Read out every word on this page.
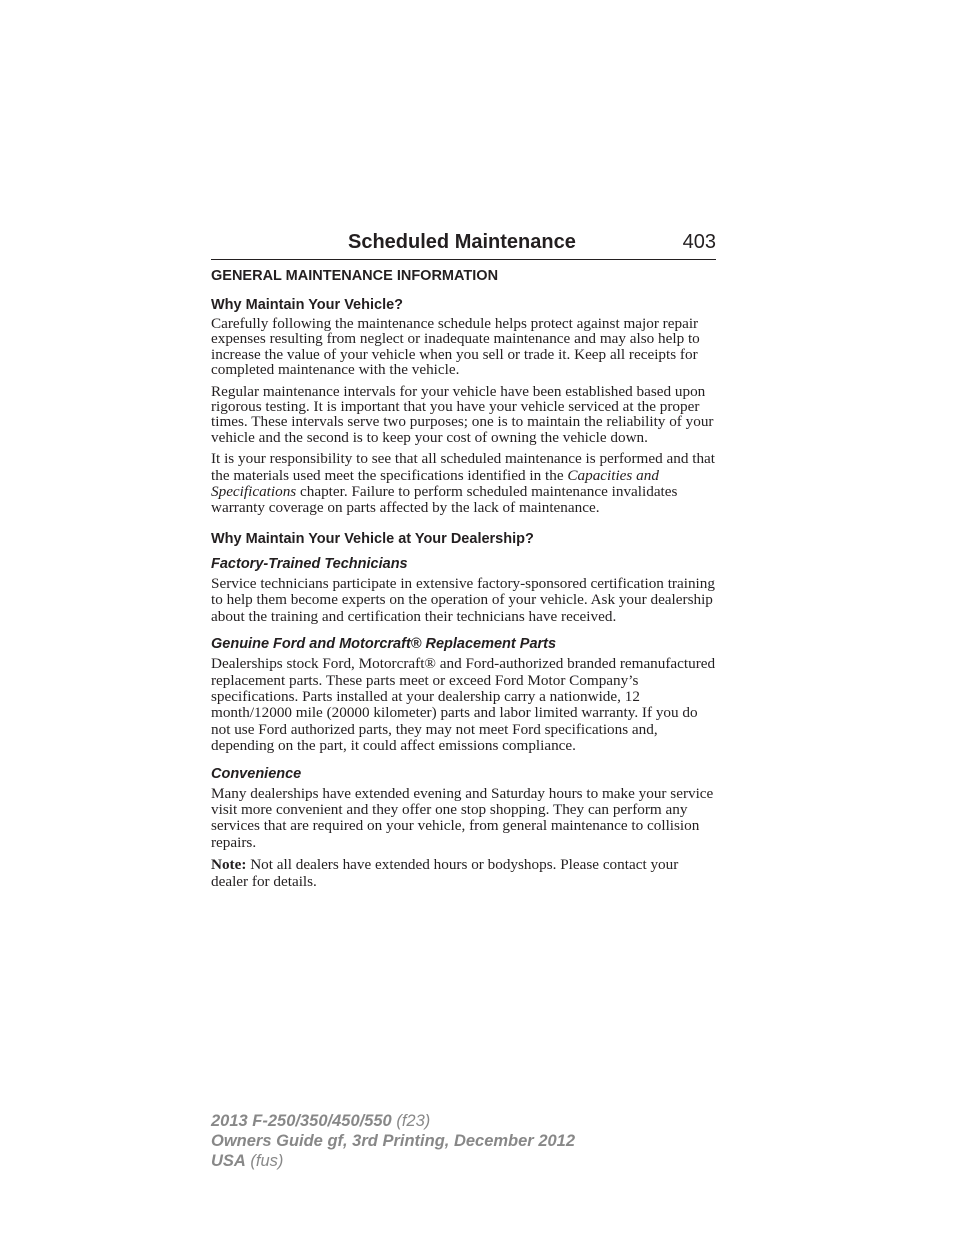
Scheduled Maintenance	403
GENERAL MAINTENANCE INFORMATION
Why Maintain Your Vehicle?

Carefully following the maintenance schedule helps protect against major repair expenses resulting from neglect or inadequate maintenance and may also help to increase the value of your vehicle when you sell or trade it. Keep all receipts for completed maintenance with the vehicle.

Regular maintenance intervals for your vehicle have been established based upon rigorous testing. It is important that you have your vehicle serviced at the proper times. These intervals serve two purposes; one is to maintain the reliability of your vehicle and the second is to keep your cost of owning the vehicle down.

It is your responsibility to see that all scheduled maintenance is performed and that the materials used meet the specifications identified in the Capacities and Specifications chapter. Failure to perform scheduled maintenance invalidates warranty coverage on parts affected by the lack of maintenance.

Why Maintain Your Vehicle at Your Dealership?
Factory-Trained Technicians

Service technicians participate in extensive factory-sponsored certification training to help them become experts on the operation of your vehicle. Ask your dealership about the training and certification their technicians have received.

Genuine Ford and Motorcraft® Replacement Parts

Dealerships stock Ford, Motorcraft® and Ford-authorized branded remanufactured replacement parts. These parts meet or exceed Ford Motor Company’s specifications. Parts installed at your dealership carry a nationwide, 12 month/12000 mile (20000 kilometer) parts and labor limited warranty. If you do not use Ford authorized parts, they may not meet Ford specifications and, depending on the part, it could affect emissions compliance.

Convenience

Many dealerships have extended evening and Saturday hours to make your service visit more convenient and they offer one stop shopping. They can perform any services that are required on your vehicle, from general maintenance to collision repairs.

Note: Not all dealers have extended hours or bodyshops. Please contact your dealer for details.

2013 F-250/350/450/550 (f23)
Owners Guide gf, 3rd Printing, December 2012
USA (fus)
